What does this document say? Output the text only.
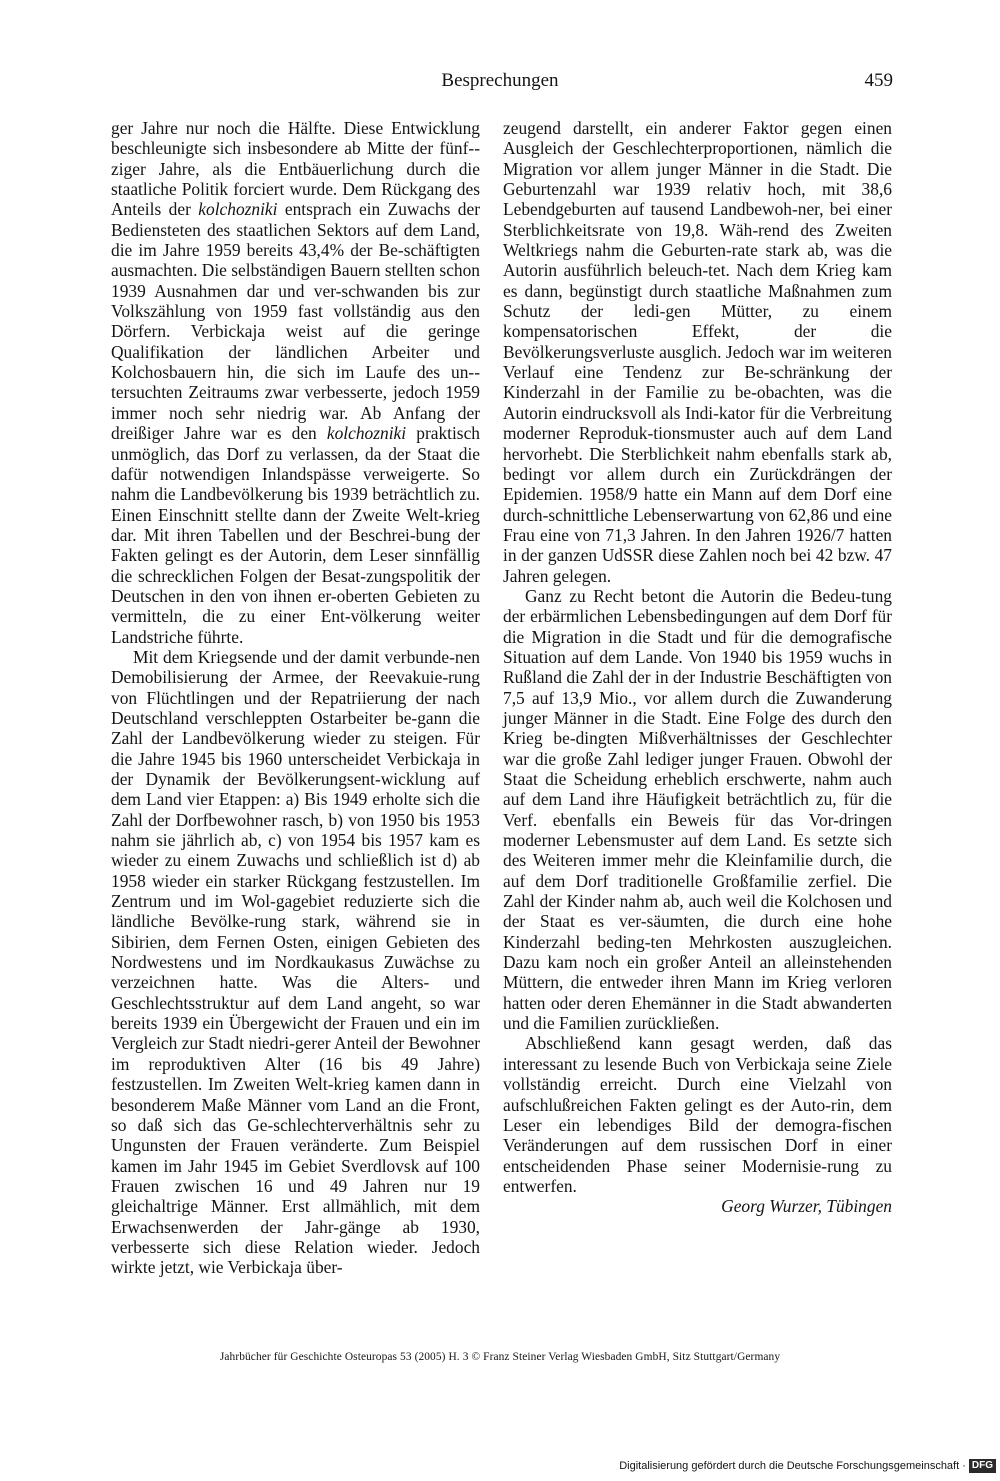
Besprechungen	459

ger Jahre nur noch die Hälfte. Diese Entwicklung beschleunigte sich insbesondere ab Mitte der fünf-ziger Jahre, als die Entbäuerlichung durch die staatliche Politik forciert wurde. Dem Rückgang des Anteils der kolchozniki entsprach ein Zuwachs der Bediensteten des staatlichen Sektors auf dem Land, die im Jahre 1959 bereits 43,4% der Be-schäftigten ausmachten. Die selbständigen Bauern stellten schon 1939 Ausnahmen dar und ver-schwanden bis zur Volkszählung von 1959 fast vollständig aus den Dörfern. Verbickaja weist auf die geringe Qualifikation der ländlichen Arbeiter und Kolchosbauern hin, die sich im Laufe des un-tersuchten Zeitraums zwar verbesserte, jedoch 1959 immer noch sehr niedrig war. Ab Anfang der dreißiger Jahre war es den kolchozniki praktisch unmöglich, das Dorf zu verlassen, da der Staat die dafür notwendigen Inlandspässe verweigerte. So nahm die Landbevölkerung bis 1939 beträchtlich zu. Einen Einschnitt stellte dann der Zweite Welt-krieg dar. Mit ihren Tabellen und der Beschrei-bung der Fakten gelingt es der Autorin, dem Leser sinnfällig die schrecklichen Folgen der Besat-zungspolitik der Deutschen in den von ihnen er-oberten Gebieten zu vermitteln, die zu einer Ent-völkerung weiter Landstriche führte.

Mit dem Kriegsende und der damit verbunde-nen Demobilisierung der Armee, der Reevakuie-rung von Flüchtlingen und der Repatriierung der nach Deutschland verschleppten Ostarbeiter be-gann die Zahl der Landbevölkerung wieder zu steigen. Für die Jahre 1945 bis 1960 unterscheidet Verbickaja in der Dynamik der Bevölkerungsent-wicklung auf dem Land vier Etappen: a) Bis 1949 erholte sich die Zahl der Dorfbewohner rasch, b) von 1950 bis 1953 nahm sie jährlich ab, c) von 1954 bis 1957 kam es wieder zu einem Zuwachs und schließlich ist d) ab 1958 wieder ein starker Rückgang festzustellen. Im Zentrum und im Wol-gagebiet reduzierte sich die ländliche Bevölke-rung stark, während sie in Sibirien, dem Fernen Osten, einigen Gebieten des Nordwestens und im Nordkaukasus Zuwächse zu verzeichnen hatte. Was die Alters- und Geschlechtsstruktur auf dem Land angeht, so war bereits 1939 ein Übergewicht der Frauen und ein im Vergleich zur Stadt niedri-gerer Anteil der Bewohner im reproduktiven Alter (16 bis 49 Jahre) festzustellen. Im Zweiten Welt-krieg kamen dann in besonderem Maße Männer vom Land an die Front, so daß sich das Ge-schlechterverhältnis sehr zu Ungunsten der Frauen veränderte. Zum Beispiel kamen im Jahr 1945 im Gebiet Sverdlovsk auf 100 Frauen zwischen 16 und 49 Jahren nur 19 gleichaltrige Männer. Erst allmählich, mit dem Erwachsenwerden der Jahr-gänge ab 1930, verbesserte sich diese Relation wieder. Jedoch wirkte jetzt, wie Verbickaja über-

zeugend darstellt, ein anderer Faktor gegen einen Ausgleich der Geschlechterproportionen, nämlich die Migration vor allem junger Männer in die Stadt. Die Geburtenzahl war 1939 relativ hoch, mit 38,6 Lebendgeburten auf tausend Landbewoh-ner, bei einer Sterblichkeitsrate von 19,8. Wäh-rend des Zweiten Weltkriegs nahm die Geburten-rate stark ab, was die Autorin ausführlich beleuch-tet. Nach dem Krieg kam es dann, begünstigt durch staatliche Maßnahmen zum Schutz der ledi-gen Mütter, zu einem kompensatorischen Effekt, der die Bevölkerungsverluste ausglich. Jedoch war im weiteren Verlauf eine Tendenz zur Be-schränkung der Kinderzahl in der Familie zu be-obachten, was die Autorin eindrucksvoll als Indi-kator für die Verbreitung moderner Reproduk-tionsmuster auch auf dem Land hervorhebt. Die Sterblichkeit nahm ebenfalls stark ab, bedingt vor allem durch ein Zurückdrängen der Epidemien. 1958/9 hatte ein Mann auf dem Dorf eine durch-schnittliche Lebenserwartung von 62,86 und eine Frau eine von 71,3 Jahren. In den Jahren 1926/7 hatten in der ganzen UdSSR diese Zahlen noch bei 42 bzw. 47 Jahren gelegen.

Ganz zu Recht betont die Autorin die Bedeu-tung der erbärmlichen Lebensbedingungen auf dem Dorf für die Migration in die Stadt und für die demografische Situation auf dem Lande. Von 1940 bis 1959 wuchs in Rußland die Zahl der in der Industrie Beschäftigten von 7,5 auf 13,9 Mio., vor allem durch die Zuwanderung junger Männer in die Stadt. Eine Folge des durch den Krieg be-dingten Mißverhältnisses der Geschlechter war die große Zahl lediger junger Frauen. Obwohl der Staat die Scheidung erheblich erschwerte, nahm auch auf dem Land ihre Häufigkeit beträchtlich zu, für die Verf. ebenfalls ein Beweis für das Vor-dringen moderner Lebensmuster auf dem Land. Es setzte sich des Weiteren immer mehr die Kleinfamilie durch, die auf dem Dorf traditionelle Großfamilie zerfiel. Die Zahl der Kinder nahm ab, auch weil die Kolchosen und der Staat es ver-säumten, die durch eine hohe Kinderzahl beding-ten Mehrkosten auszugleichen. Dazu kam noch ein großer Anteil an alleinstehenden Müttern, die entweder ihren Mann im Krieg verloren hatten oder deren Ehemänner in die Stadt abwanderten und die Familien zurückließen.

Abschließend kann gesagt werden, daß das interessant zu lesende Buch von Verbickaja seine Ziele vollständig erreicht. Durch eine Vielzahl von aufschlußreichen Fakten gelingt es der Auto-rin, dem Leser ein lebendiges Bild der demogra-fischen Veränderungen auf dem russischen Dorf in einer entscheidenden Phase seiner Modernisie-rung zu entwerfen.

Georg Wurzer, Tübingen

Jahrbücher für Geschichte Osteuropas 53 (2005) H. 3 © Franz Steiner Verlag Wiesbaden GmbH, Sitz Stuttgart/Germany
Digitalisierung gefördert durch die Deutsche Forschungsgemeinschaft · DFG
